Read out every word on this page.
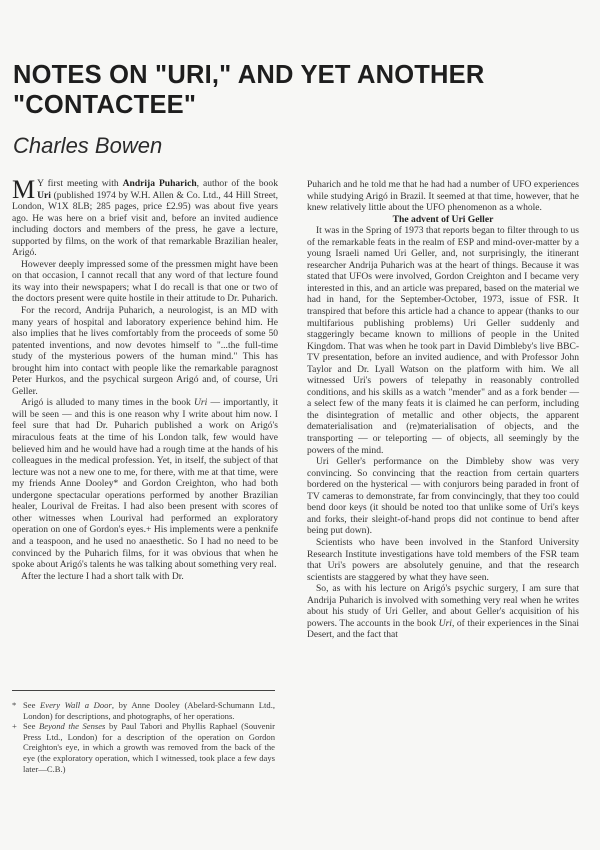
NOTES ON "URI," AND YET ANOTHER
"CONTACTEE"
Charles Bowen

M Y first meeting with Andrija Puharich, author of the book Uri (published 1974 by W.H. Allen & Co. Ltd., 44 Hill Street, London, W1X 8LB; 285 pages, price £2.95) was about five years ago. He was here on a brief visit and, before an invited audience including doctors and members of the press, he gave a lecture, supported by films, on the work of that remarkable Brazilian healer, Arigó.

However deeply impressed some of the pressmen might have been on that occasion, I cannot recall that any word of that lecture found its way into their newspapers; what I do recall is that one or two of the doctors present were quite hostile in their attitude to Dr. Puharich.

For the record, Andrija Puharich, a neurologist, is an MD with many years of hospital and laboratory experience behind him. He also implies that he lives comfortably from the proceeds of some 50 patented inventions, and now devotes himself to "...the full-time study of the mysterious powers of the human mind." This has brought him into contact with people like the remarkable paragnost Peter Hurkos, and the psychical surgeon Arigó and, of course, Uri Geller.

Arigó is alluded to many times in the book Uri — importantly, it will be seen — and this is one reason why I write about him now. I feel sure that had Dr. Puharich published a work on Arigó's miraculous feats at the time of his London talk, few would have believed him and he would have had a rough time at the hands of his colleagues in the medical profession. Yet, in itself, the subject of that lecture was not a new one to me, for there, with me at that time, were my friends Anne Dooley* and Gordon Creighton, who had both undergone spectacular operations performed by another Brazilian healer, Lourival de Freitas. I had also been present with scores of other witnesses when Lourival had performed an exploratory operation on one of Gordon's eyes.+ His implements were a penknife and a teaspoon, and he used no anaesthetic. So I had no need to be convinced by the Puharich films, for it was obvious that when he spoke about Arigó's talents he was talking about something very real.

After the lecture I had a short talk with Dr.

* See Every Wall a Door, by Anne Dooley (Abelard-Schumann Ltd., London) for descriptions, and photographs, of her operations.

+ See Beyond the Senses by Paul Tabori and Phyllis Raphael (Souvenir Press Ltd., London) for a description of the operation on Gordon Creighton's eye, in which a growth was removed from the back of the eye (the exploratory operation, which I witnessed, took place a few days later—C.B.)

Puharich and he told me that he had had a number of UFO experiences while studying Arigó in Brazil. It seemed at that time, however, that he knew relatively little about the UFO phenomenon as a whole.

The advent of Uri Geller

It was in the Spring of 1973 that reports began to filter through to us of the remarkable feats in the realm of ESP and mind-over-matter by a young Israeli named Uri Geller, and, not surprisingly, the itinerant researcher Andrija Puharich was at the heart of things. Because it was stated that UFOs were involved, Gordon Creighton and I became very interested in this, and an article was prepared, based on the material we had in hand, for the September-October, 1973, issue of FSR. It transpired that before this article had a chance to appear (thanks to our multifarious publishing problems) Uri Geller suddenly and staggeringly became known to millions of people in the United Kingdom. That was when he took part in David Dimbleby's live BBC-TV presentation, before an invited audience, and with Professor John Taylor and Dr. Lyall Watson on the platform with him. We all witnessed Uri's powers of telepathy in reasonably controlled conditions, and his skills as a watch "mender" and as a fork bender — a select few of the many feats it is claimed he can perform, including the disintegration of metallic and other objects, the apparent dematerialisation and (re)materialisation of objects, and the transporting — or teleporting — of objects, all seemingly by the powers of the mind.

Uri Geller's performance on the Dimbleby show was very convincing. So convincing that the reaction from certain quarters bordered on the hysterical — with conjurors being paraded in front of TV cameras to demonstrate, far from convincingly, that they too could bend door keys (it should be noted too that unlike some of Uri's keys and forks, their sleight-of-hand props did not continue to bend after being put down).

Scientists who have been involved in the Stanford University Research Institute investigations have told members of the FSR team that Uri's powers are absolutely genuine, and that the research scientists are staggered by what they have seen.

So, as with his lecture on Arigó's psychic surgery, I am sure that Andrija Puharich is involved with something very real when he writes about his study of Uri Geller, and about Geller's acquisition of his powers. The accounts in the book Uri, of their experiences in the Sinai Desert, and the fact that
